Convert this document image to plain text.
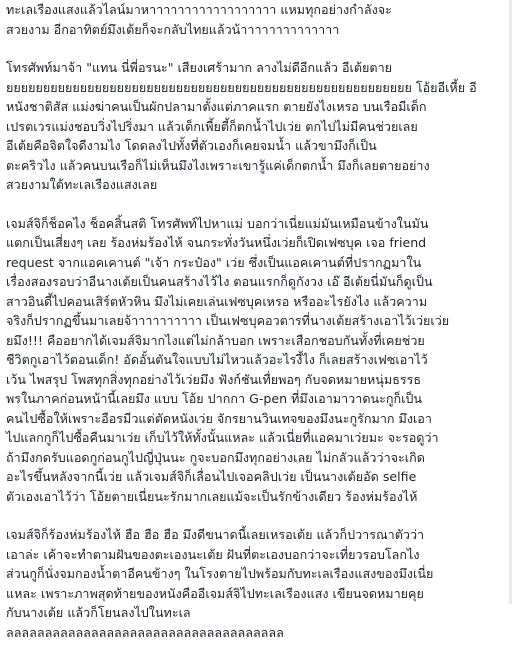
ทะเลเรืองแสงแล้วไลน์มาหาาาาาาาาาาาาาาาาาา แหมทุกอย่างกำลังจะ
สวยงาม อีกอาทิตย์มึงเต้ยก็จะกลับไทยแล้วน้าาาาาาาาาาาาาา

โทรศัพท์มาจ้า "แทน นี่พี่อรนะ" เสียงเศร้ามาก ลางไม่ดีอีกแล้ว อีเต้ยตาย
ยยยยยยยยยยยยยยยยยยยยยยยยยยยยยยยยยยยยยยยยยยยยยยยยยยยยยยย โอ้ยอีเหี้ย อี
หนังชาติสัส แม่งฆ่าคนเป็นผักปลามาตั้งแต่ภาคแรก ตายยังไงเหรอ บนเรือมีเด็ก
เปรตเวรแม่งชอบวิ่งไปริ่งมา แล้วเด็กเพี้ยตี้ก็ตกน้ำไปเว่ย ตกไปไม่มีคนช่วยเลย
อีเต้ยคือจิตใจดีงามไง โดดลงไปทั้งที่ตัวเองก็เคยจมน้ำ แล้วขามึงก็เป็น
ตะคริวไง แล้วคนบนเรือก็ไม่เห็นมึงไงเพราะเขารู้แค่เด็กตกน้ำ มึงก็เลยตายอย่าง
สวยงามใต้ทะเลเรืองแสงเลย

เจมส์จิก็ช็อคไง ช็อคสิ้นสติ โทรศัพท์ไปหาแม่ บอกว่าเนี่ยแม่มันเหมือนข้างในมัน
แตกเป็นเสี่ยงๆ เลย ร้องห่มร้องไห้ จนกระทั่งวันหนึ่งเว่ยก็เปิดเฟซบุค เจอ friend
request จากแอคเคานต์ "เจ้า กระป๋อง" เว่ย ซึ่งเป็นแอคเคานต์ที่ปรากฏมาใน
เรื่องสองรอบว่าอีนางเต้ยเป็นคนสร้างไว้ไง ตอนแรกก็ดูกังวง เอ๊ อีเต้ยนี่มันก็ดูเป็น
สาวอินดี้ไปคอนเสิร์ตหัวหิน มึงไม่เคยเล่นเฟซบุคเหรอ หรืออะไรยังไง แล้วความ
จริงก็ปรากฏขึ้นมาเลยจ้าาาาาาาาาา เป็นเฟซบุคอวตารที่นางเต้ยสร้างเอาไว้เว่ยเว่ย
ยมึง!!! คืออยากได้เจมส์จิมากไงแต่ไม่กล้าบอก เพราะเสือกชอบกันทั้งที่เคยช่วย
ชีวิตกูเอาไว้ตอนเด็ก! อัดอั้นตันใจแบบไม่ไหวแล้วอะไรงี้ไง ก็เลยสร้างเฟซเอาไว้
เว้น ไพสรุป โพสทุกสิ่งทุกอย่างไว้เว่ยมึง ฟังก์ชันเทื่ยพอๆ กับจดหมายหนุ่มธรรธ
พรในภาคก่อนหน้านี้เลยมึง แบบ โอ้ย ปากกา G-pen ที่มึงเอามาวาดนะกูก็เป็น
คนไปซื้อให้เพราะอือรมีวแต่ตัดหนังเว่ย จักรยานวินเทจของมึงนะกูรักมาก มึงเอา
ไปแลกกูก็ไปซื้อคืนมาเว่ย เก็บไว้ให้ทั้งนั้นแหละ แล้วเนี่ยที่แอคมาเว่ยมะ จะรอดูว่า
ถ้ามึงกดรับแอดกูก่อนกูไปญี่ปุ่นนะ กูจะบอกมึงทุกอย่างเลย ไม่กลัวแล้วว่าจะเกิด
อะไรขึ้นหลังจากนี้เว่ย แล้วเจมส์จิก็เลื่อนไปเจอคลิปเว่ย เป็นนางเต้ยอัด selfie
ตัวเองเอาไว้ว่า โอ้ยตายเนี่ยนะรักมากเลยแม้จะเป็นรักข้างเดียว ร้องห่มร้องไห้

เจมส์จิก็ร้องห่มร้องไห้ ฮือ ฮือ ฮือ มึงดีขนาดนี้เลยเหรอเต้ย แล้วก็ปวารณาตัวว่า
เอาล่ะ เค้าจะทำตามฝันของตะเองนะเต้ย ฝันที่ตะเองบอกว่าจะเที่ยวรอบโลกไง
ส่วนกูก็นั่งจมกองน้ำตาอีคนข้างๆ ในโรงตายไปพร้อมกับทะเลเรืองแสงของมึงเนี่ย
แหละ เพราะภาพสุดท้ายของหนังคืออีเจมส์จิไปทะเลเรืองแสง เขียนจดหมายคุย
กับนางเต้ย แล้วก็โยนลงไปในทะเล
ลลลลลลลลลลลลลลลลลลลลลลลลลลลลลลลลลลลล
